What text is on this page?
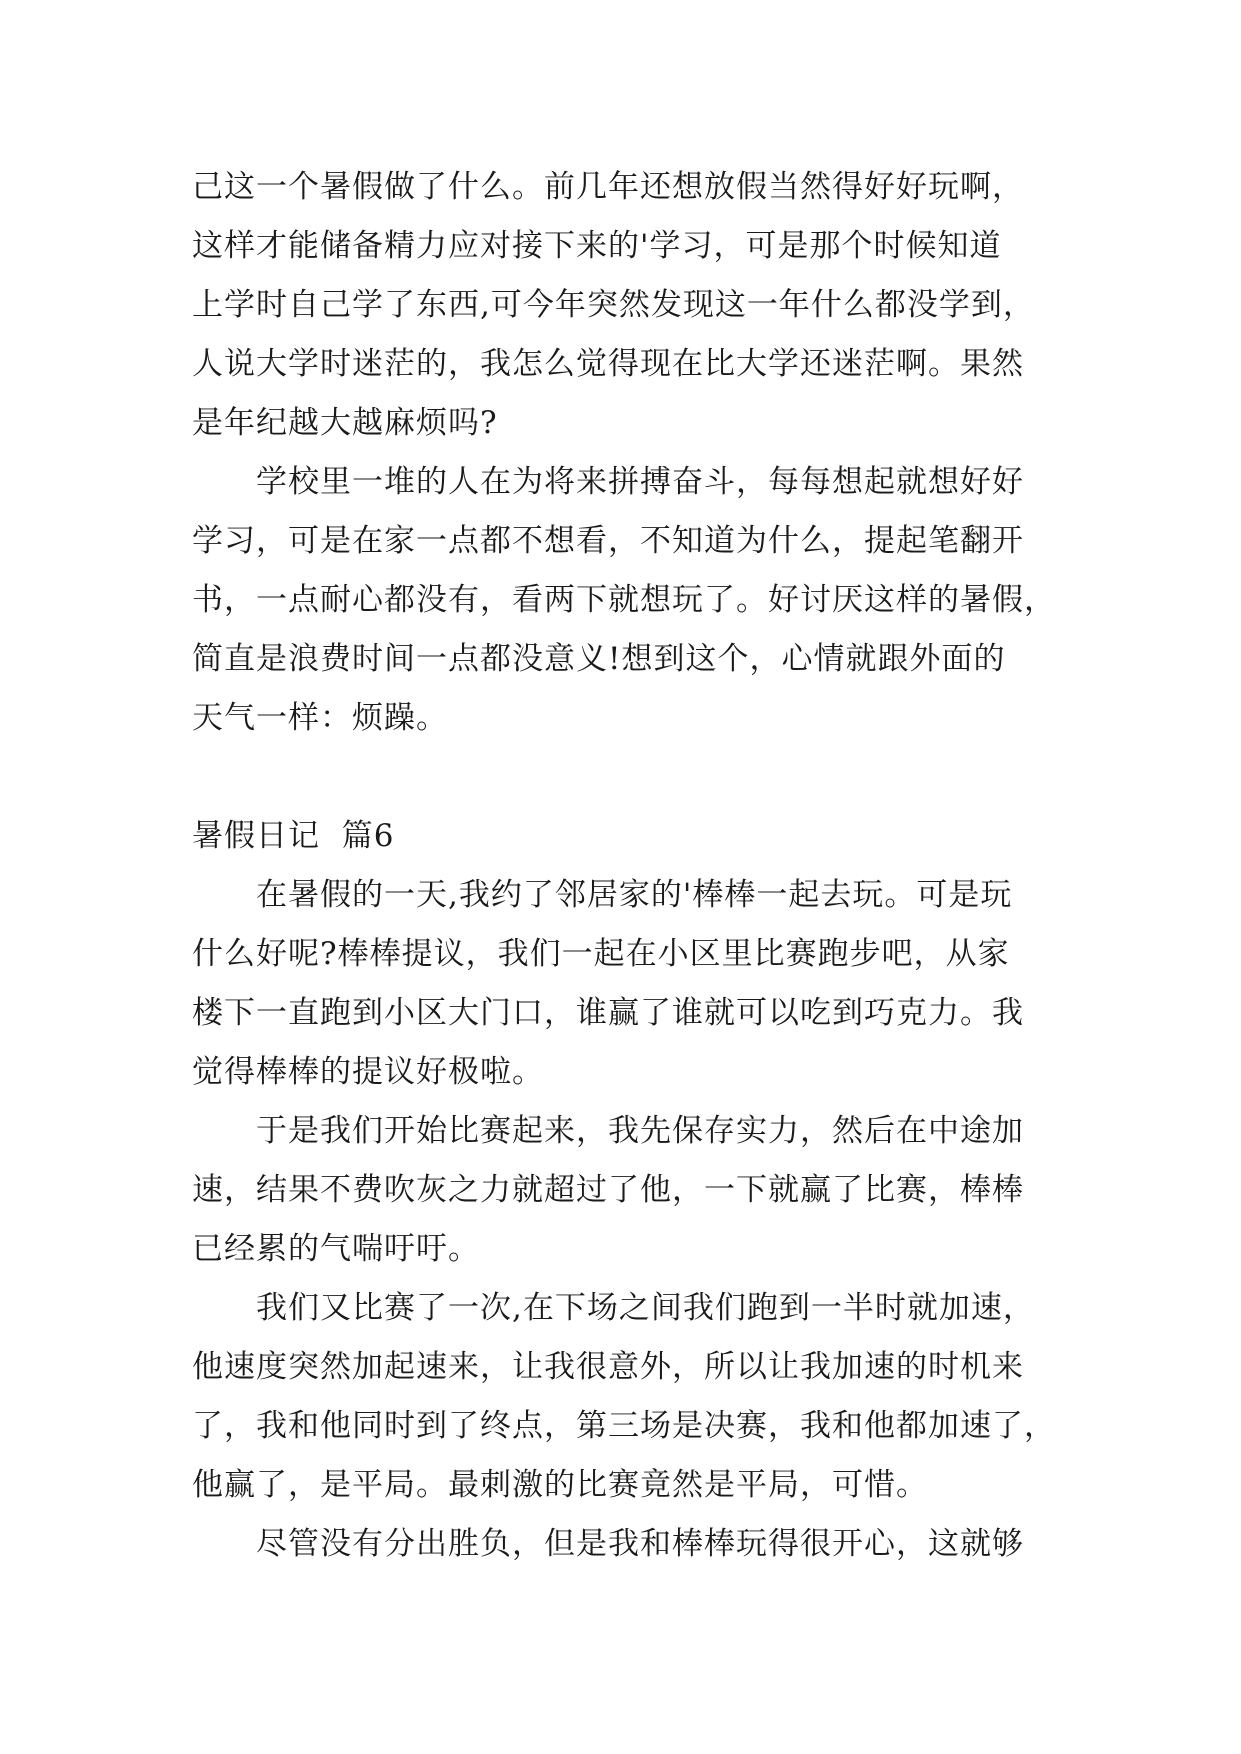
己这一个暑假做了什么。前几年还想放假当然得好好玩啊，
这样才能储备精力应对接下来的'学习，可是那个时候知道
上学时自己学了东西,可今年突然发现这一年什么都没学到，
人说大学时迷茫的，我怎么觉得现在比大学还迷茫啊。果然
是年纪越大越麻烦吗?
学校里一堆的人在为将来拼搏奋斗，每每想起就想好好
学习，可是在家一点都不想看，不知道为什么，提起笔翻开
书，一点耐心都没有，看两下就想玩了。好讨厌这样的暑假，
简直是浪费时间一点都没意义!想到这个，心情就跟外面的
天气一样：烦躁。
暑假日记  篇6
在暑假的一天,我约了邻居家的'棒棒一起去玩。可是玩
什么好呢?棒棒提议，我们一起在小区里比赛跑步吧，从家
楼下一直跑到小区大门口，谁赢了谁就可以吃到巧克力。我
觉得棒棒的提议好极啦。
于是我们开始比赛起来，我先保存实力，然后在中途加
速，结果不费吹灰之力就超过了他，一下就赢了比赛，棒棒
已经累的气喘吁吁。
我们又比赛了一次,在下场之间我们跑到一半时就加速，
他速度突然加起速来，让我很意外，所以让我加速的时机来
了，我和他同时到了终点，第三场是决赛，我和他都加速了，
他赢了，是平局。最刺激的比赛竟然是平局，可惜。
尽管没有分出胜负，但是我和棒棒玩得很开心，这就够
